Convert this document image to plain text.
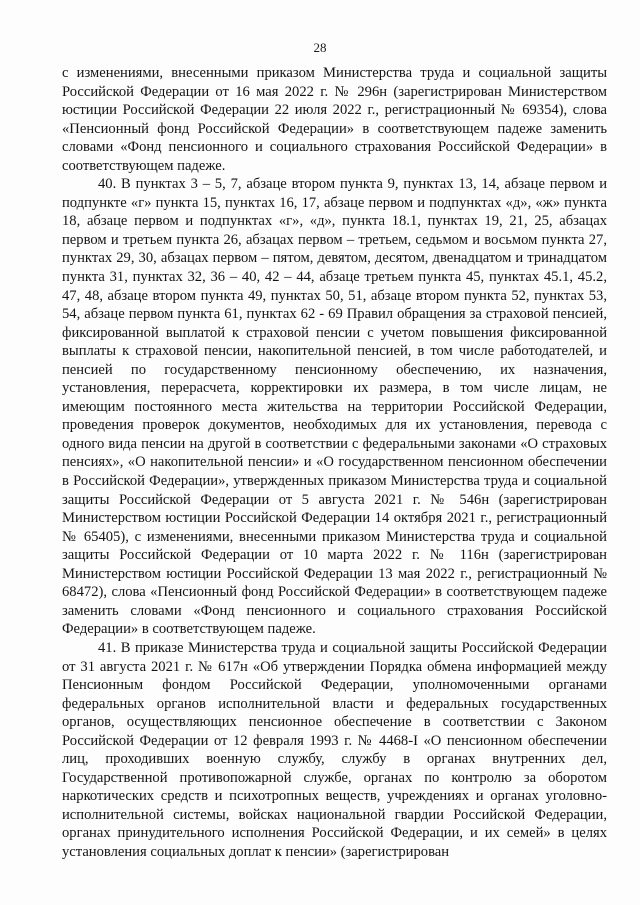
28

с изменениями, внесенными приказом Министерства труда и социальной защиты Российской Федерации от 16 мая 2022 г. № 296н (зарегистрирован Министерством юстиции Российской Федерации 22 июля 2022 г., регистрационный № 69354), слова «Пенсионный фонд Российской Федерации» в соответствующем падеже заменить словами «Фонд пенсионного и социального страхования Российской Федерации» в соответствующем падеже.

40. В пунктах 3 – 5, 7, абзаце втором пункта 9, пунктах 13, 14, абзаце первом и подпункте «г» пункта 15, пунктах 16, 17, абзаце первом и подпунктах «д», «ж» пункта 18, абзаце первом и подпунктах «г», «д», пункта 18.1, пунктах 19, 21, 25, абзацах первом и третьем пункта 26, абзацах первом – третьем, седьмом и восьмом пункта 27, пунктах 29, 30, абзацах первом – пятом, девятом, десятом, двенадцатом и тринадцатом пункта 31, пунктах 32, 36 – 40, 42 – 44, абзаце третьем пункта 45, пунктах 45.1, 45.2, 47, 48, абзаце втором пункта 49, пунктах 50, 51, абзаце втором пункта 52, пунктах 53, 54, абзаце первом пункта 61, пунктах 62 - 69 Правил обращения за страховой пенсией, фиксированной выплатой к страховой пенсии с учетом повышения фиксированной выплаты к страховой пенсии, накопительной пенсией, в том числе работодателей, и пенсией по государственному пенсионному обеспечению, их назначения, установления, перерасчета, корректировки их размера, в том числе лицам, не имеющим постоянного места жительства на территории Российской Федерации, проведения проверок документов, необходимых для их установления, перевода с одного вида пенсии на другой в соответствии с федеральными законами «О страховых пенсиях», «О накопительной пенсии» и «О государственном пенсионном обеспечении в Российской Федерации», утвержденных приказом Министерства труда и социальной защиты Российской Федерации от 5 августа 2021 г. № 546н (зарегистрирован Министерством юстиции Российской Федерации 14 октября 2021 г., регистрационный № 65405), с изменениями, внесенными приказом Министерства труда и социальной защиты Российской Федерации от 10 марта 2022 г. № 116н (зарегистрирован Министерством юстиции Российской Федерации 13 мая 2022 г., регистрационный № 68472), слова «Пенсионный фонд Российской Федерации» в соответствующем падеже заменить словами «Фонд пенсионного и социального страхования Российской Федерации» в соответствующем падеже.

41. В приказе Министерства труда и социальной защиты Российской Федерации от 31 августа 2021 г. № 617н «Об утверждении Порядка обмена информацией между Пенсионным фондом Российской Федерации, уполномоченными органами федеральных органов исполнительной власти и федеральных государственных органов, осуществляющих пенсионное обеспечение в соответствии с Законом Российской Федерации от 12 февраля 1993 г. № 4468-I «О пенсионном обеспечении лиц, проходивших военную службу, службу в органах внутренних дел, Государственной противопожарной службе, органах по контролю за оборотом наркотических средств и психотропных веществ, учреждениях и органах уголовно-исполнительной системы, войсках национальной гвардии Российской Федерации, органах принудительного исполнения Российской Федерации, и их семей» в целях установления социальных доплат к пенсии» (зарегистрирован
